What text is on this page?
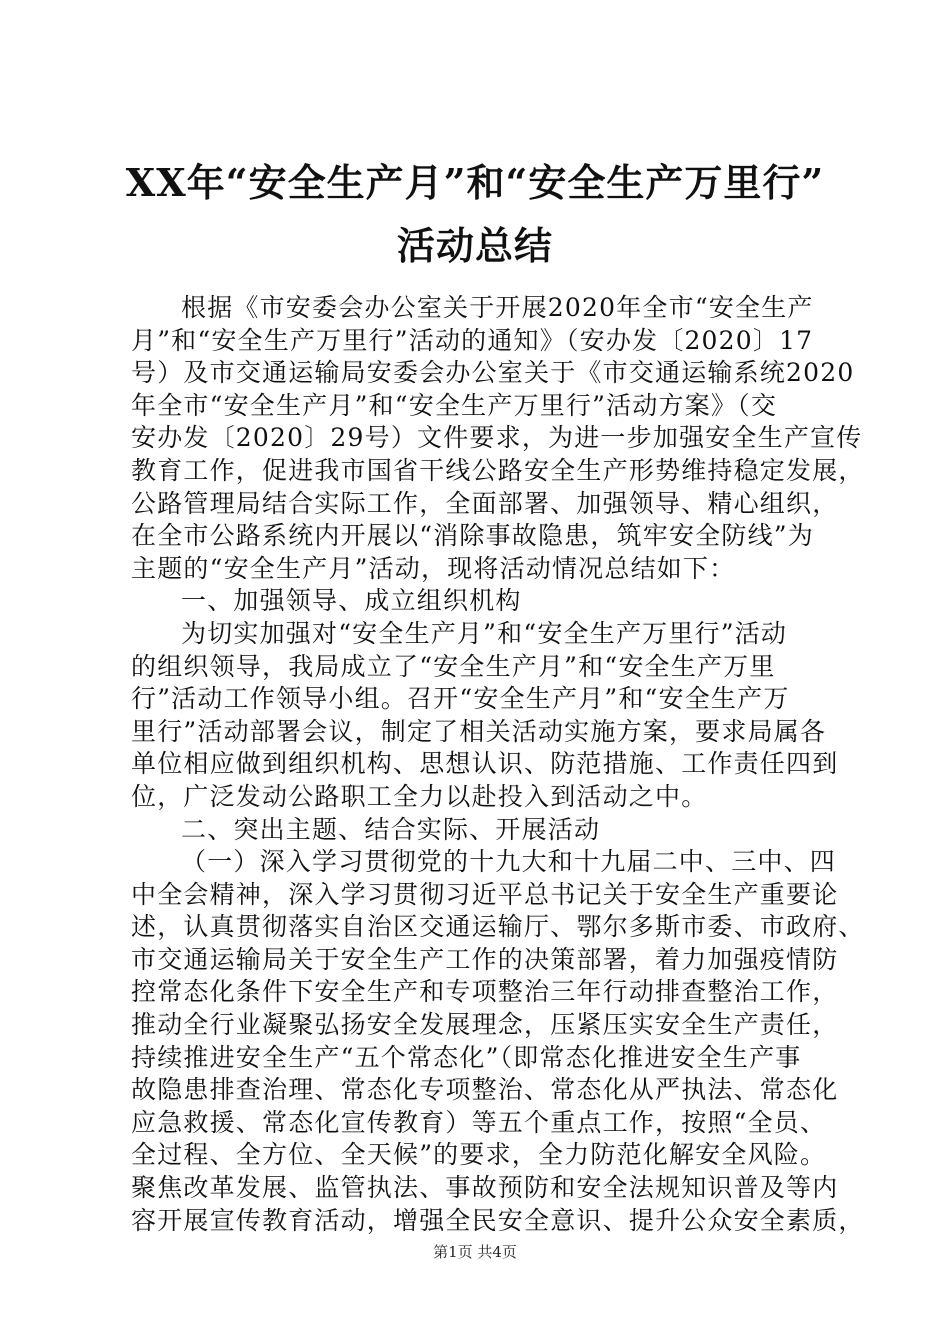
XX年“安全生产月”和“安全生产万里行”
活动总结
根据《市安委会办公室关于开展2020年全市“安全生产
月”和“安全生产万里行”活动的通知》（安办发〔2020〕17
号）及市交通运输局安委会办公室关于《市交通运输系统2020
年全市“安全生产月”和“安全生产万里行”活动方案》（交
安办发〔2020〕29号）文件要求，为进一步加强安全生产宣传
教育工作，促进我市国省干线公路安全生产形势维持稳定发展，
公路管理局结合实际工作，全面部署、加强领导、精心组织，
在全市公路系统内开展以“消除事故隐患，筑牢安全防线”为
主题的“安全生产月”活动，现将活动情况总结如下：
一、加强领导、成立组织机构
为切实加强对“安全生产月”和“安全生产万里行”活动
的组织领导，我局成立了“安全生产月”和“安全生产万里
行”活动工作领导小组。召开“安全生产月”和“安全生产万
里行”活动部署会议，制定了相关活动实施方案，要求局属各
单位相应做到组织机构、思想认识、防范措施、工作责任四到
位，广泛发动公路职工全力以赴投入到活动之中。
二、突出主题、结合实际、开展活动
（一）深入学习贯彻党的十九大和十九届二中、三中、四
中全会精神，深入学习贯彻习近平总书记关于安全生产重要论
述，认真贯彻落实自治区交通运输厅、鄂尔多斯市委、市政府、
市交通运输局关于安全生产工作的决策部署，着力加强疫情防
控常态化条件下安全生产和专项整治三年行动排查整治工作，
推动全行业凝聚弘扬安全发展理念，压紧压实安全生产责任，
持续推进安全生产“五个常态化”（即常态化推进安全生产事
故隐患排查治理、常态化专项整治、常态化从严执法、常态化
应急救援、常态化宣传教育）等五个重点工作，按照“全员、
全过程、全方位、全天候”的要求，全力防范化解安全风险。
聚焦改革发展、监管执法、事故预防和安全法规知识普及等内
容开展宣传教育活动，增强全民安全意识、提升公众安全素质，
第1页 共4页
